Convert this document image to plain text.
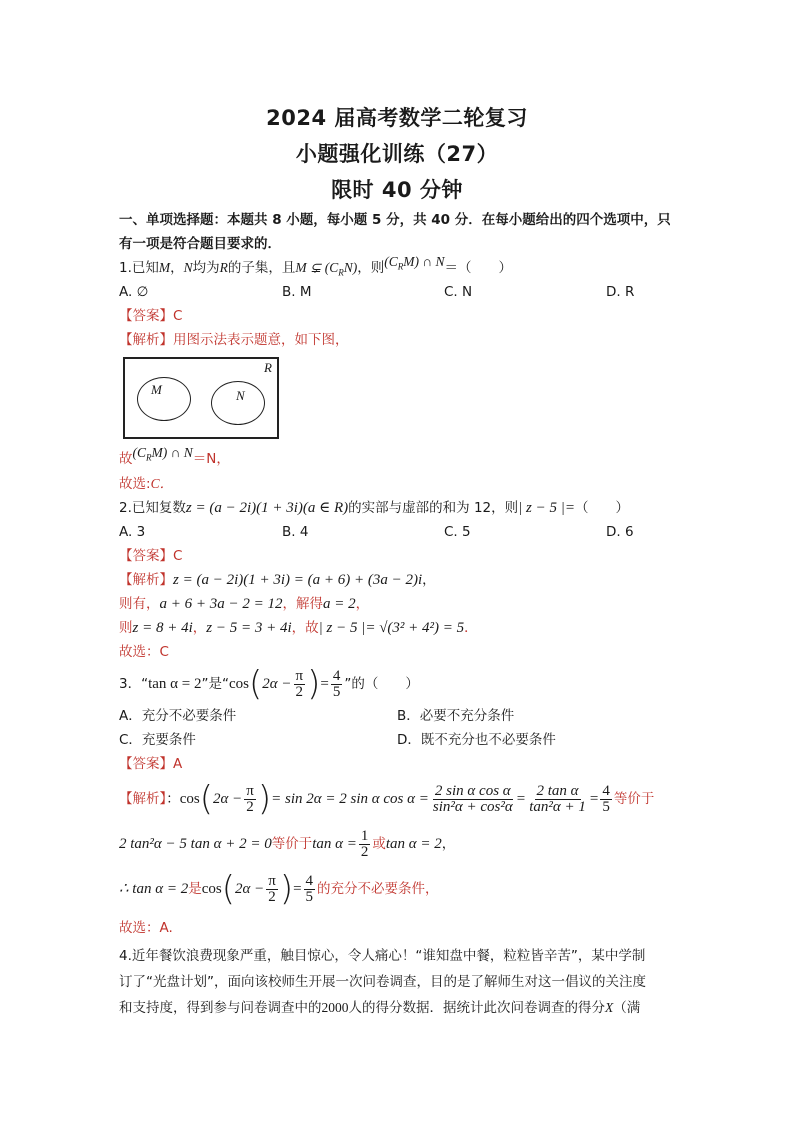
2024 届高考数学二轮复习
小题强化训练（27）
限时 40 分钟
一、单项选择题：本题共 8 小题，每小题 5 分，共 40 分．在每小题给出的四个选项中，只
有一项是符合题目要求的．
1.已知M，N均为R的子集，且M ⊊ $(C_RN)$，则$(C_RM)$ ∩ N＝（　　）
A. ∅	B. M	C. N	D. R
【答案】C
【解析】用图示法表示题意，如下图，
故$(C_RM)$ ∩ N＝N，
故选:C．
2.已知复数z = (a − 2i)(1 + 3i)(a ∈ R)的实部与虚部的和为 12，则| z − 5 |=（　　）
A. 3	B. 4	C. 5	D. 6
【答案】C
【解析】z = (a − 2i)(1 + 3i) = (a + 6) + (3a − 2)i，
则有，a + 6 + 3a − 2 = 12，解得a = 2，
则z = 8 + 4i，z − 5 = 3 + 4i，故| z − 5 |= √(3² + 4²) = 5．
故选：C
3．“tan α = 2”是“$\cos(2\alpha - \frac{\pi}{2}$ )= $\frac{4}{5}$ ”的（　　）
A．充分不必要条件	B．必要不充分条件
C．充要条件	D．既不充分也不必要条件
【答案】A
【解析】：$\cos(2\alpha - \frac{\pi}{2}$ )= sin 2α = 2 sin α $\cos \alpha = \frac{\text{2 sin α cos α}}{\text{sin²α + cos²α}} = \frac{\text{2 tan α}}{\text{tan²α + 1}} = \frac{4}{5}$ 等价于
2 tan²α − 5 tan α + 2 = 0等价于$\tan \alpha = \frac{1}{2}$ 或tan α = 2，
∴ tan α = 2是$\cos(2\alpha - \frac{\pi}{2}$ )= $\frac{4}{5}$ 的充分不必要条件，
故选：A.
4.近年餐饮浪费现象严重，触目惊心，令人痛心！“谁知盘中餐，粒粒皆辛苦”，某中学制
订了“光盘计划”，面向该校师生开展一次问卷调查，目的是了解师生对这一倡议的关注度
和支持度，得到参与问卷调查中的2000人的得分数据．据统计此次问卷调查的得分X（满
R
M	N
